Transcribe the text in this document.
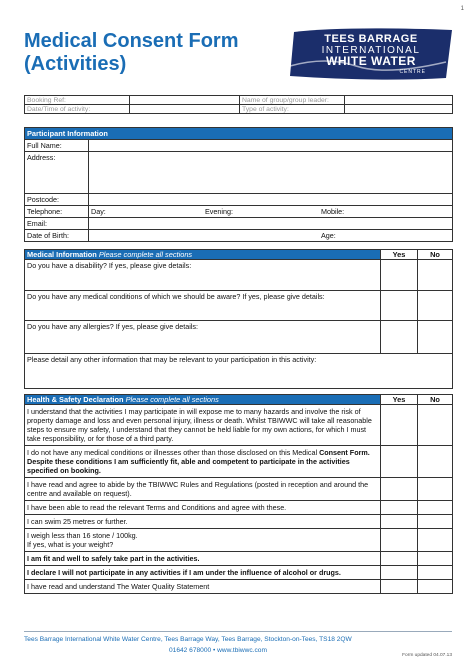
1
Medical Consent Form
(Activities)
TEES BARRAGE
INTERNATIONAL
WHITE WATER
CENTRE
Booking Ref:		Name of group/group leader:	
Date/Time of activity:		Type of activity:	
Participant Information	
Full Name:	
Address:	
Postcode:	
Telephone:	Day: Evening: Mobile:

Email:	
Date of Birth:	Age:
Medical Information Please complete all sections	Yes	No
Do you have a disability? If yes, please give details:		
Do you have any medical conditions of which we should be aware? If yes, please give details:		
Do you have any allergies? If yes, please give details:		
Please detail any other information that may be relevant to your participation in this activity:		
Health & Safety Declaration Please complete all sections	Yes	No
I understand that the activities I may participate in will expose me to many hazards and involve the risk of property damage and loss and even personal injury, illness or death. Whilst TBIWWC will take all reasonable steps to ensure my safety, I understand that they cannot be held liable for my own actions, for which I must take responsibility, or for those of a third party.		
I do not have any medical conditions or illnesses other than those disclosed on this Medical Consent Form. Despite these conditions I am sufficiently fit, able and competent to participate in the activities specified on booking.		
I have read and agree to abide by the TBIWWC Rules and Regulations (posted in reception and around the centre and available on request).		
I have been able to read the relevant Terms and Conditions and agree with these.		
I can swim 25 metres or further.		

I weigh less than 16 stone / 100kg.
If yes, what is your weight?		

I am fit and well to safely take part in the activities.		
I declare I will not participate in any activities if I am under the influence of alcohol or drugs.		
I have read and understand The Water Quality Statement		
Tees Barrage International White Water Centre, Tees Barrage Way, Tees Barrage, Stockton-on-Tees, TS18 2QW
01642 678000 • www.tbiwwc.com
Form updated 04.07.13
